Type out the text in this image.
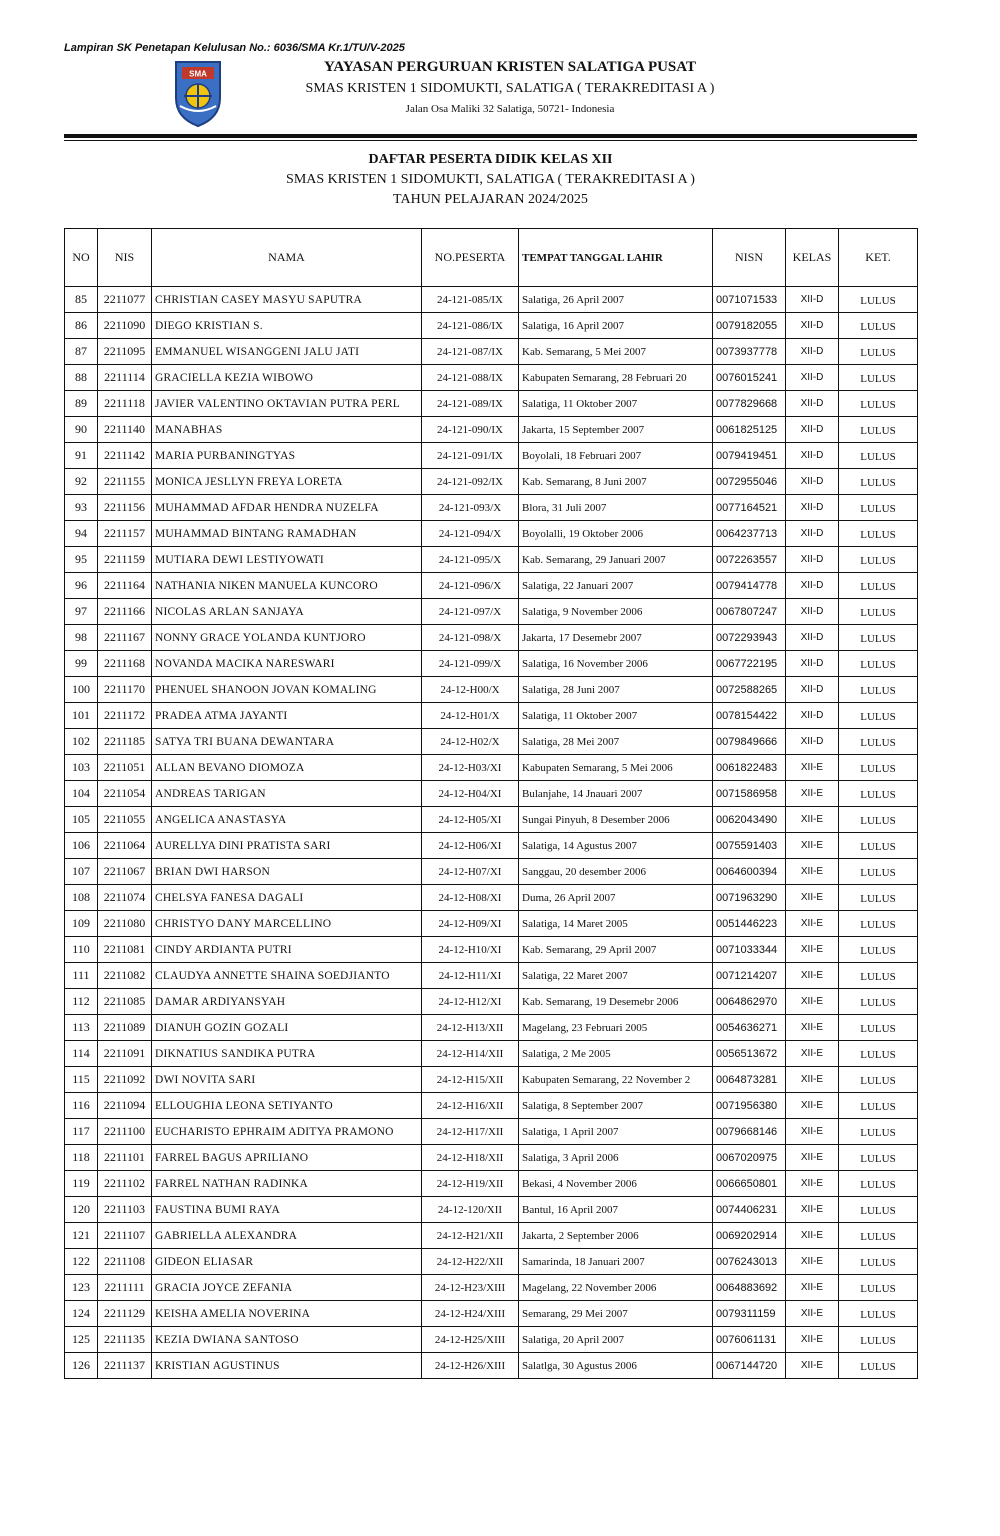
Lampiran SK Penetapan Kelulusan No.: 6036/SMA Kr.1/TU/V-2025
SMA	YAYASAN PERGURUAN KRISTEN SALATIGA PUSAT
SMAS KRISTEN 1 SIDOMUKTI, SALATIGA ( TERAKREDITASI A )
Jalan Osa Maliki 32 Salatiga, 50721- Indonesia
DAFTAR PESERTA DIDIK KELAS XII
SMAS KRISTEN 1 SIDOMUKTI, SALATIGA ( TERAKREDITASI A )
TAHUN PELAJARAN 2024/2025
NO	NIS	NAMA	NO.PESERTA	TEMPAT TANGGAL LAHIR	NISN	KELAS	KET.
85	2211077	CHRISTIAN CASEY MASYU SAPUTRA	24-121-085/IX	Salatiga, 26 April 2007	0071071533	XII-D	LULUS
86	2211090	DIEGO KRISTIAN S.	24-121-086/IX	Salatiga, 16 April 2007	0079182055	XII-D	LULUS
87	2211095	EMMANUEL WISANGGENI JALU JATI	24-121-087/IX	Kab. Semarang, 5 Mei 2007	0073937778	XII-D	LULUS
88	2211114	GRACIELLA KEZIA WIBOWO	24-121-088/IX	Kabupaten Semarang, 28 Februari 20	0076015241	XII-D	LULUS
89	2211118	JAVIER VALENTINO OKTAVIAN PUTRA PERL	24-121-089/IX	Salatiga, 11 Oktober 2007	0077829668	XII-D	LULUS
90	2211140	MANABHAS	24-121-090/IX	Jakarta, 15 September 2007	0061825125	XII-D	LULUS
91	2211142	MARIA PURBANINGTYAS	24-121-091/IX	Boyolali, 18 Februari 2007	0079419451	XII-D	LULUS
92	2211155	MONICA JESLLYN FREYA LORETA	24-121-092/IX	Kab. Semarang, 8 Juni 2007	0072955046	XII-D	LULUS
93	2211156	MUHAMMAD AFDAR HENDRA NUZELFA	24-121-093/X	Blora, 31 Juli 2007	0077164521	XII-D	LULUS
94	2211157	MUHAMMAD BINTANG RAMADHAN	24-121-094/X	Boyolalli, 19 Oktober 2006	0064237713	XII-D	LULUS
95	2211159	MUTIARA DEWI LESTIYOWATI	24-121-095/X	Kab. Semarang, 29 Januari 2007	0072263557	XII-D	LULUS
96	2211164	NATHANIA NIKEN MANUELA KUNCORO	24-121-096/X	Salatiga, 22 Januari 2007	0079414778	XII-D	LULUS
97	2211166	NICOLAS ARLAN SANJAYA	24-121-097/X	Salatiga, 9 November 2006	0067807247	XII-D	LULUS
98	2211167	NONNY GRACE YOLANDA KUNTJORO	24-121-098/X	Jakarta, 17 Desemebr 2007	0072293943	XII-D	LULUS
99	2211168	NOVANDA MACIKA NARESWARI	24-121-099/X	Salatiga, 16 November 2006	0067722195	XII-D	LULUS
100	2211170	PHENUEL SHANOON JOVAN KOMALING	24-12-H00/X	Salatiga, 28 Juni 2007	0072588265	XII-D	LULUS
101	2211172	PRADEA ATMA JAYANTI	24-12-H01/X	Salatiga, 11 Oktober 2007	0078154422	XII-D	LULUS
102	2211185	SATYA TRI BUANA DEWANTARA	24-12-H02/X	Salatiga, 28 Mei 2007	0079849666	XII-D	LULUS
103	2211051	ALLAN BEVANO DIOMOZA	24-12-H03/XI	Kabupaten Semarang, 5 Mei 2006	0061822483	XII-E	LULUS
104	2211054	ANDREAS TARIGAN	24-12-H04/XI	Bulanjahe, 14 Jnauari 2007	0071586958	XII-E	LULUS
105	2211055	ANGELICA ANASTASYA	24-12-H05/XI	Sungai Pinyuh, 8 Desember 2006	0062043490	XII-E	LULUS
106	2211064	AURELLYA DINI PRATISTA SARI	24-12-H06/XI	Salatiga, 14 Agustus 2007	0075591403	XII-E	LULUS
107	2211067	BRIAN DWI HARSON	24-12-H07/XI	Sanggau, 20 desember 2006	0064600394	XII-E	LULUS
108	2211074	CHELSYA FANESA DAGALI	24-12-H08/XI	Duma, 26 April 2007	0071963290	XII-E	LULUS
109	2211080	CHRISTYO DANY MARCELLINO	24-12-H09/XI	Salatiga, 14 Maret 2005	0051446223	XII-E	LULUS
110	2211081	CINDY ARDIANTA PUTRI	24-12-H10/XI	Kab. Semarang, 29 April 2007	0071033344	XII-E	LULUS
111	2211082	CLAUDYA ANNETTE SHAINA SOEDJIANTO	24-12-H11/XI	Salatiga, 22 Maret 2007	0071214207	XII-E	LULUS
112	2211085	DAMAR ARDIYANSYAH	24-12-H12/XI	Kab. Semarang, 19 Desemebr 2006	0064862970	XII-E	LULUS
113	2211089	DIANUH GOZIN GOZALI	24-12-H13/XII	Magelang, 23 Februari 2005	0054636271	XII-E	LULUS
114	2211091	DIKNATIUS SANDIKA PUTRA	24-12-H14/XII	Salatiga, 2 Me 2005	0056513672	XII-E	LULUS
115	2211092	DWI NOVITA SARI	24-12-H15/XII	Kabupaten Semarang, 22 November 2	0064873281	XII-E	LULUS
116	2211094	ELLOUGHIA LEONA SETIYANTO	24-12-H16/XII	Salatiga, 8 September 2007	0071956380	XII-E	LULUS
117	2211100	EUCHARISTO EPHRAIM ADITYA PRAMONO	24-12-H17/XII	Salatiga, 1 April 2007	0079668146	XII-E	LULUS
118	2211101	FARREL BAGUS APRILIANO	24-12-H18/XII	Salatiga, 3 April 2006	0067020975	XII-E	LULUS
119	2211102	FARREL NATHAN RADINKA	24-12-H19/XII	Bekasi, 4 November 2006	0066650801	XII-E	LULUS
120	2211103	FAUSTINA BUMI RAYA	24-12-120/XII	Bantul, 16 April 2007	0074406231	XII-E	LULUS
121	2211107	GABRIELLA ALEXANDRA	24-12-H21/XII	Jakarta, 2 September 2006	0069202914	XII-E	LULUS
122	2211108	GIDEON ELIASAR	24-12-H22/XII	Samarinda, 18 Januari 2007	0076243013	XII-E	LULUS
123	2211111	GRACIA JOYCE ZEFANIA	24-12-H23/XIII	Magelang, 22 November 2006	0064883692	XII-E	LULUS
124	2211129	KEISHA AMELIA NOVERINA	24-12-H24/XIII	Semarang, 29 Mei 2007	0079311159	XII-E	LULUS
125	2211135	KEZIA DWIANA SANTOSO	24-12-H25/XIII	Salatiga, 20 April 2007	0076061131	XII-E	LULUS
126	2211137	KRISTIAN AGUSTINUS	24-12-H26/XIII	Salatlga, 30 Agustus 2006	0067144720	XII-E	LULUS
